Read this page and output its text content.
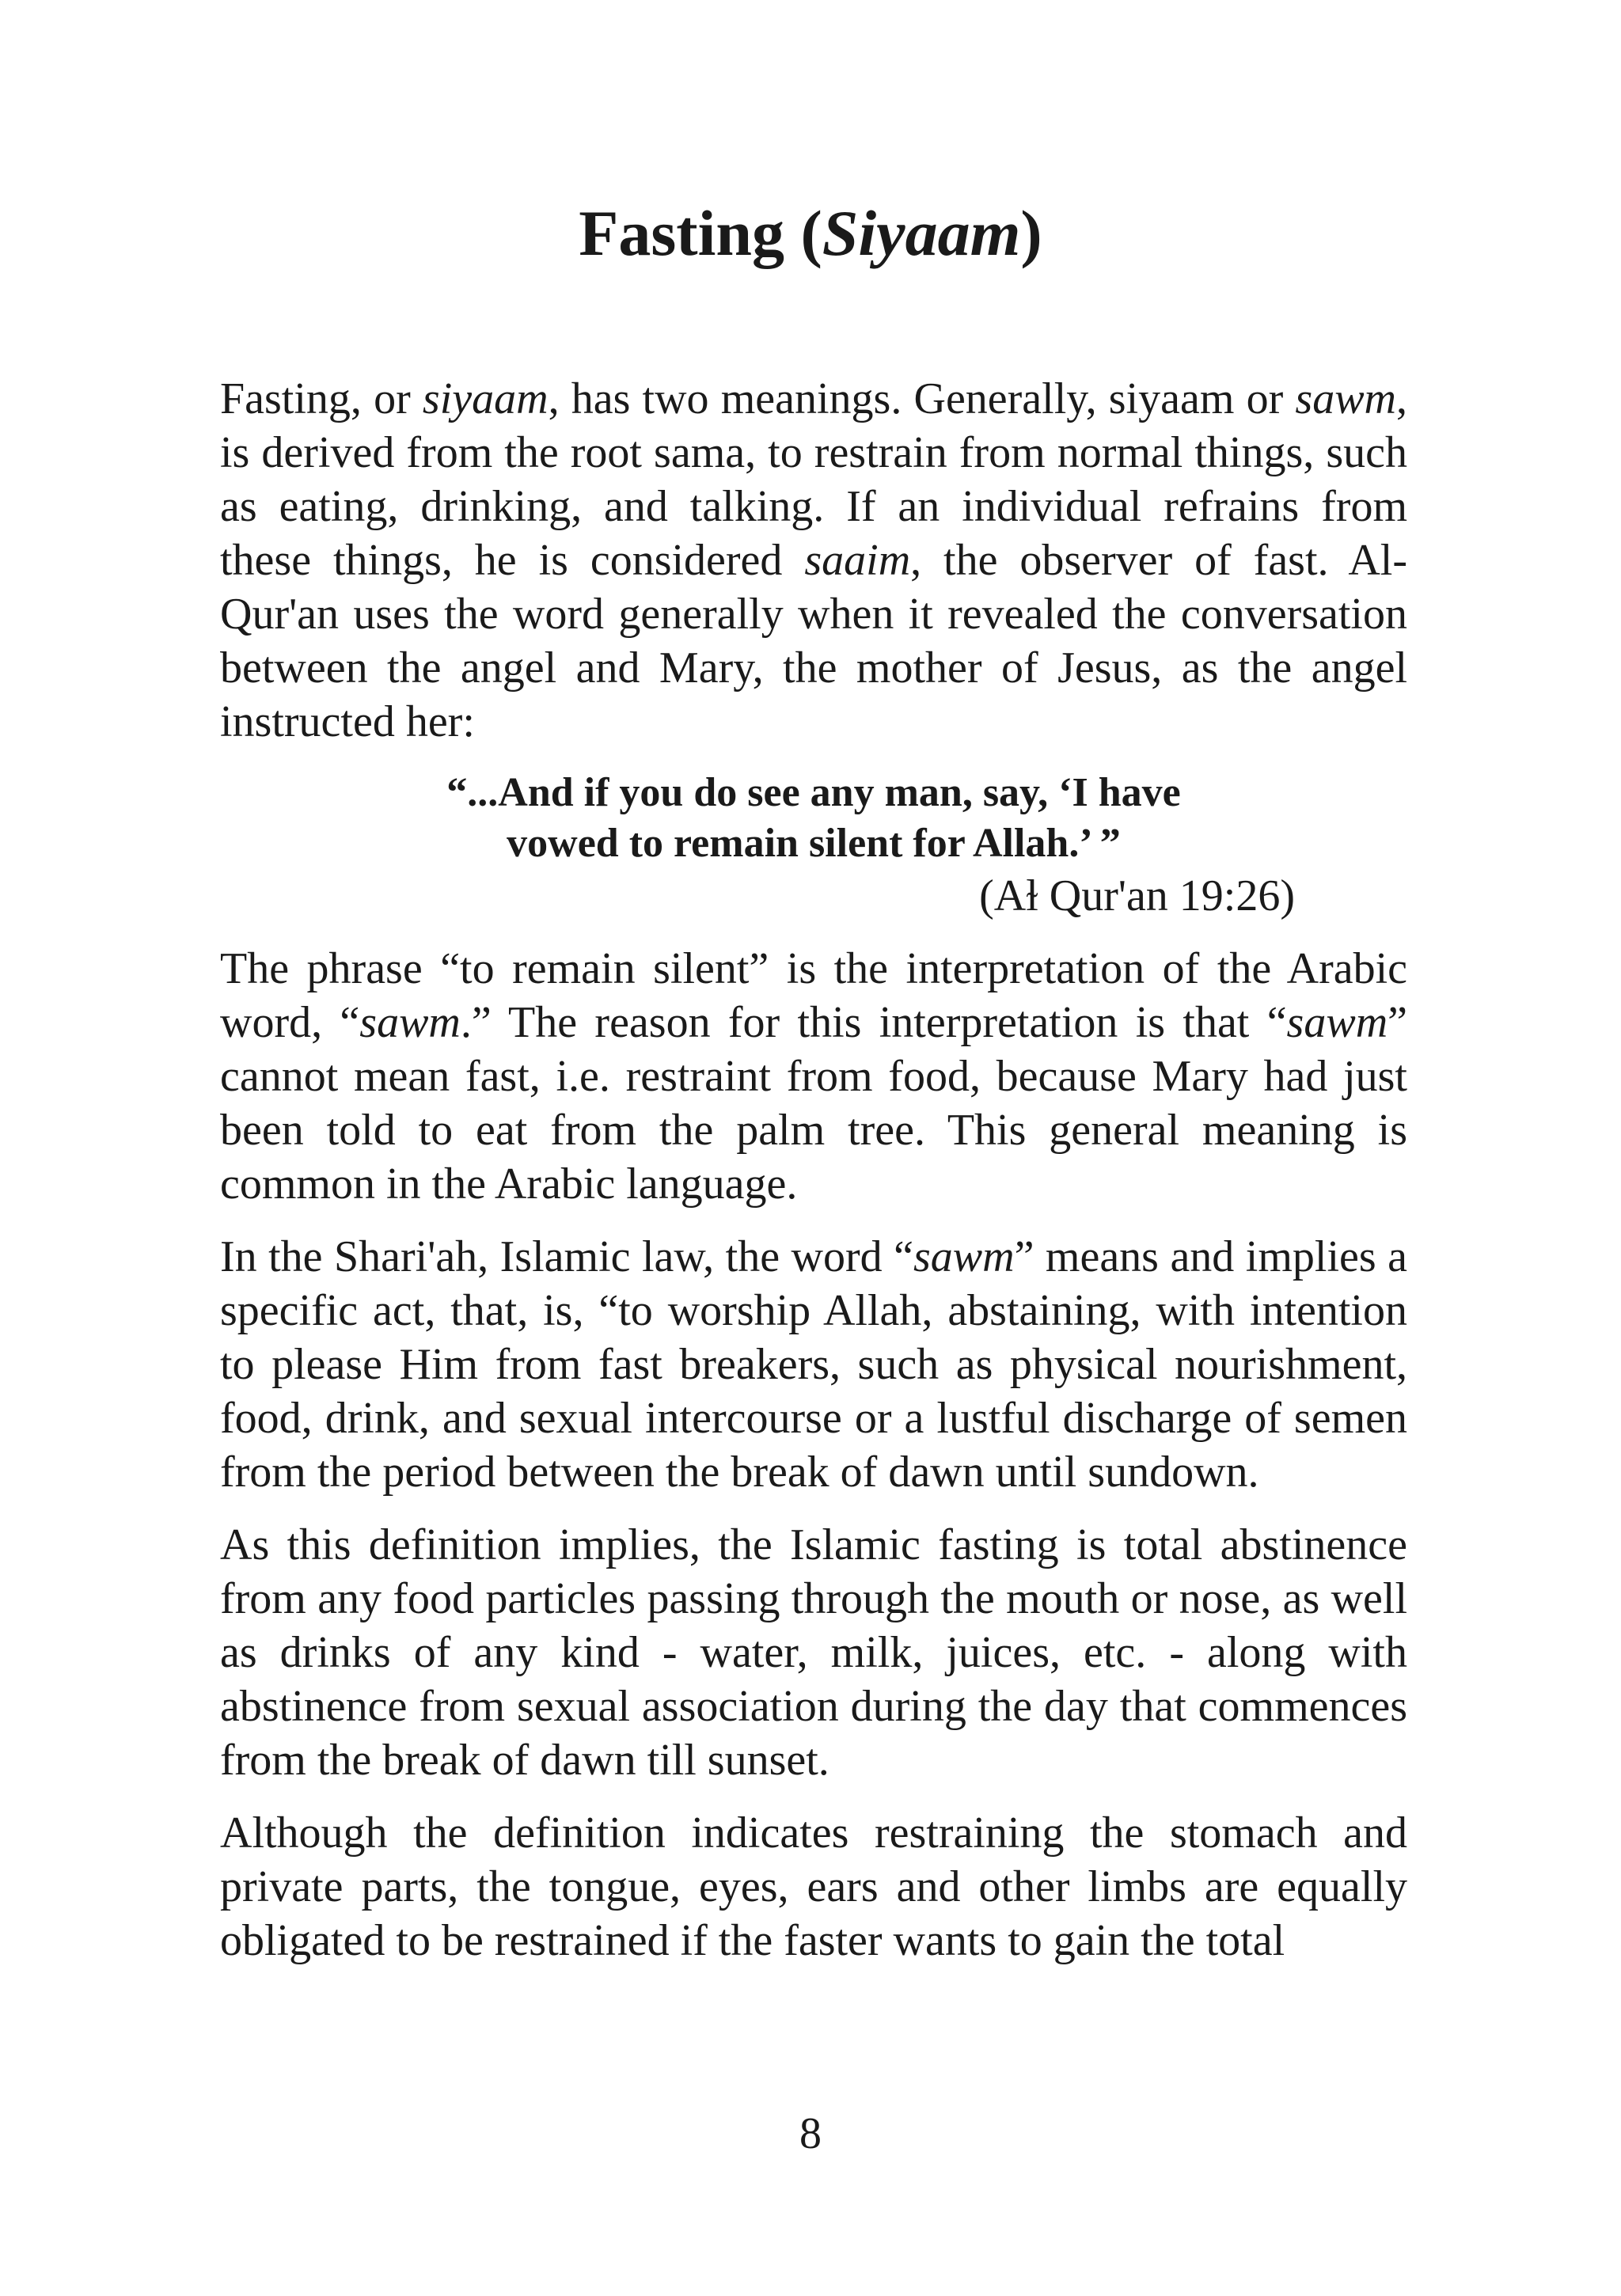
Fasting (Siyaam)

Fasting, or siyaam, has two meanings. Generally, siyaam or sawm, is derived from the root sama, to restrain from normal things, such as eating, drinking, and talking. If an individual refrains from these things, he is considered saaim, the observer of fast. Al-Qur'an uses the word generally when it revealed the conversation between the angel and Mary, the mother of Jesus, as the angel instructed her:

“...And if you do see any man, say, ‘I have
vowed to remain silent for Allah.’ ”
(Aɫ Qur'an 19:26)

The phrase “to remain silent” is the interpretation of the Arabic word, “sawm.” The reason for this interpretation is that “sawm” cannot mean fast, i.e. restraint from food, because Mary had just been told to eat from the palm tree. This general meaning is common in the Arabic language.

In the Shari'ah, Islamic law, the word “sawm” means and implies a specific act, that, is, “to worship Allah, abstaining, with intention to please Him from fast breakers, such as physical nourishment, food, drink, and sexual intercourse or a lustful discharge of semen from the period between the break of dawn until sundown.

As this definition implies, the Islamic fasting is total abstinence from any food particles passing through the mouth or nose, as well as drinks of any kind - water, milk, juices, etc. - along with abstinence from sexual association during the day that commences from the break of dawn till sunset.

Although the definition indicates restraining the stomach and private parts, the tongue, eyes, ears and other limbs are equally obligated to be restrained if the faster wants to gain the total

8
